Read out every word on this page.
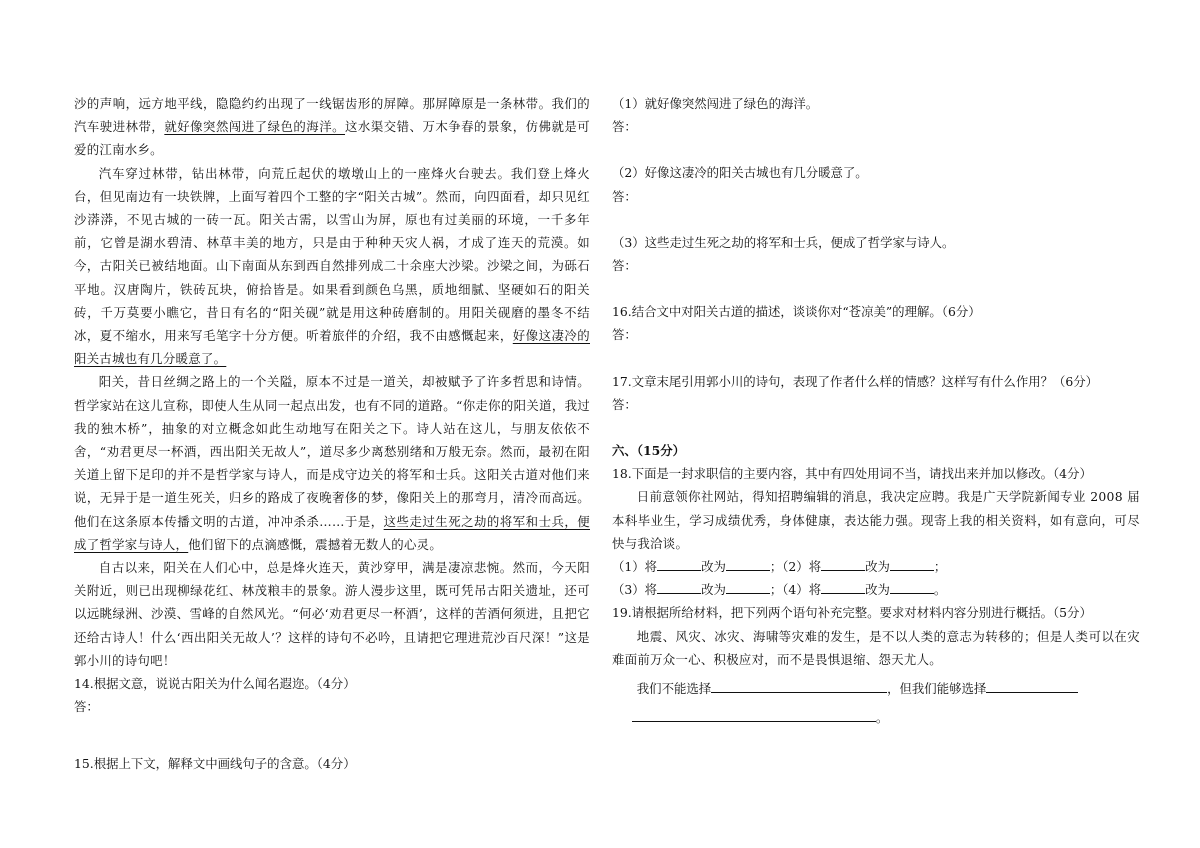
沙的声响，远方地平线，隐隐约约出现了一线锯齿形的屏障。那屏障原是一条林带。我们的汽车驶进林带，就好像突然闯进了绿色的海洋。这水渠交错、万木争春的景象，仿佛就是可爱的江南水乡。

汽车穿过林带，钻出林带，向荒丘起伏的墩墩山上的一座烽火台驶去。我们登上烽火台，但见南边有一块铁牌，上面写着四个工整的字“阳关古城”。然而，向四面看，却只见红沙漭漭，不见古城的一砖一瓦。阳关古需，以雪山为屏，原也有过美丽的环境，一千多年前，它曾是湖水碧清、林草丰美的地方，只是由于种种天灾人祸，才成了连天的荒漠。如今，古阳关已被结地面。山下南面从东到西自然排列成二十余座大沙梁。沙梁之间，为砾石平地。汉唐陶片，铁砖瓦块，俯拾皆是。如果看到颜色乌黑，质地细腻、坚硬如石的阳关砖，千万莫要小瞧它，昔日有名的“阳关砚”就是用这种砖磨制的。用阳关砚磨的墨冬不结冰，夏不缩水，用来写毛笔字十分方便。听着旅伴的介绍，我不由感慨起来，好像这凄冷的阳关古城也有几分暖意了。

阳关，昔日丝绸之路上的一个关隘，原本不过是一道关，却被赋予了许多哲思和诗情。哲学家站在这儿宣称，即使人生从同一起点出发，也有不同的道路。“你走你的阳关道，我过我的独木桥”，抽象的对立概念如此生动地写在阳关之下。诗人站在这儿，与朋友依依不舍，“劝君更尽一杯酒，西出阳关无故人”，道尽多少离愁别绪和万般无奈。然而，最初在阳关道上留下足印的并不是哲学家与诗人，而是戍守边关的将军和士兵。这阳关古道对他们来说，无异于是一道生死关，归乡的路成了夜晚奢侈的梦，像阳关上的那弯月，清冷而高远。他们在这条原本传播文明的古道，冲冲杀杀……于是，这些走过生死之劫的将军和士兵，便成了哲学家与诗人，他们留下的点滴感慨，震撼着无数人的心灵。

自古以来，阳关在人们心中，总是烽火连天，黄沙穿甲，满是凄凉悲惋。然而，今天阳关附近，则已出现柳绿花红、林茂粮丰的景象。游人漫步这里，既可凭吊古阳关遗址，还可以远眺绿洲、沙漠、雪峰的自然风光。“何必‘劝君更尽一杯酒’，这样的苦酒何须进，且把它还给古诗人！什么‘西出阳关无故人’？这样的诗句不必吟，且请把它理进荒沙百尺深！”这是郭小川的诗句吧！

14.根据文意，说说古阳关为什么闻名遐迩。（4分）

答：

15.根据上下文，解释文中画线句子的含意。（4分）

（1）就好像突然闯进了绿色的海洋。

答：

（2）好像这凄冷的阳关古城也有几分暖意了。

答：

（3）这些走过生死之劫的将军和士兵，便成了哲学家与诗人。

答：

16.结合文中对阳关古道的描述，谈谈你对“苍凉美”的理解。（6分）

答：

17.文章末尾引用郭小川的诗句，表现了作者什么样的情感？这样写有什么作用？（6分）

答：

六、（15分）

18.下面是一封求职信的主要内容，其中有四处用词不当，请找出来并加以修改。（4分）

日前意领你社网站，得知招聘编辑的消息，我决定应聘。我是广天学院新闻专业 2008 届本科毕业生，学习成绩优秀，身体健康，表达能力强。现寄上我的相关资料，如有意向，可尽快与我洽谈。

（1）将	改为	；（2）将	改为	；

（3）将	改为	；（4）将	改为	。

19.请根据所给材料，把下列两个语句补充完整。要求对材料内容分别进行概括。（5分）

地震、风灾、冰灾、海啸等灾难的发生，是不以人类的意志为转移的；但是人类可以在灾难面前万众一心、积极应对，而不是畏惧退缩、怨天尤人。

我们不能选择	，但我们能够选择

。
